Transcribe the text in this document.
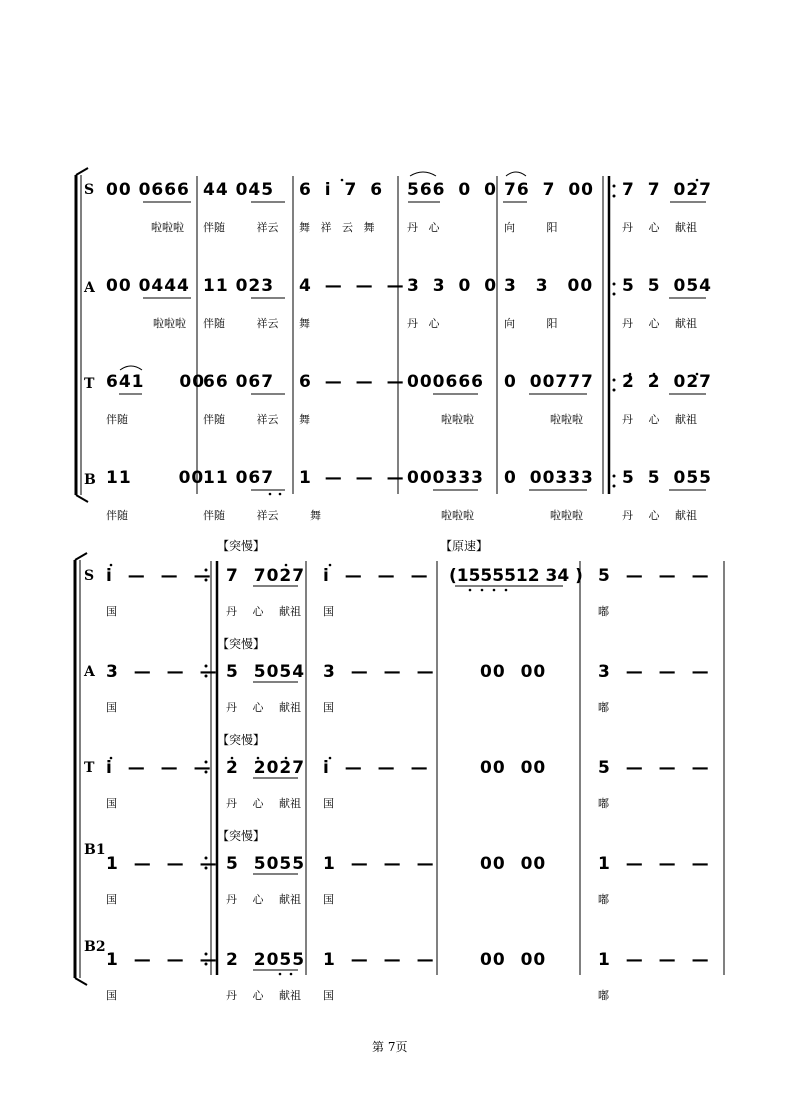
S 00 0666
啦啦啦
44 045
伴随 祥云
6 i 7 6
舞 祥 云 舞
566 0 0
丹 心
76 7 00
向 阳
7 7 027
丹 心 献祖
A 00 0444
啦啦啦
11 023
伴随 祥云
4 — — —
舞
3 3 0 0
丹 心
3 3 00
向 阳
5 5 054
丹 心 献祖
T 641 00
伴随
66 067
伴随 祥云
6 — — —
舞
000666
啦啦啦
0 00777
啦啦啦
2 2 027
丹 心 献祖
B 11 00
伴随
11 067
伴随 祥云 舞
1 — — — 000333
啦啦啦
0 00333
啦啦啦
5 5 055
丹 心 献祖
【突慢】	【原速】
【突慢】
【突慢】
【突慢】
S i — — —
国
7 7027
丹 心 献祖
i — — —
国
(1555512 34 ) 5 — — —
嘟
A 3 — — —
国
5 5054
丹 心 献祖
3 — — —
国
00 00	3 — — —
嘟
T i — — —
国
2 2027
丹 心 献祖
i — — —
国
00 00	5 — — —
嘟
B1
1 — — —
国
5 5055
丹 心 献祖
1 — — —
国
00 00	1 — — —
嘟
B2
1 — — —
国
2 2055
丹 心 献祖
1 — — —
国
00 00	1 — — —
嘟
第 7页
